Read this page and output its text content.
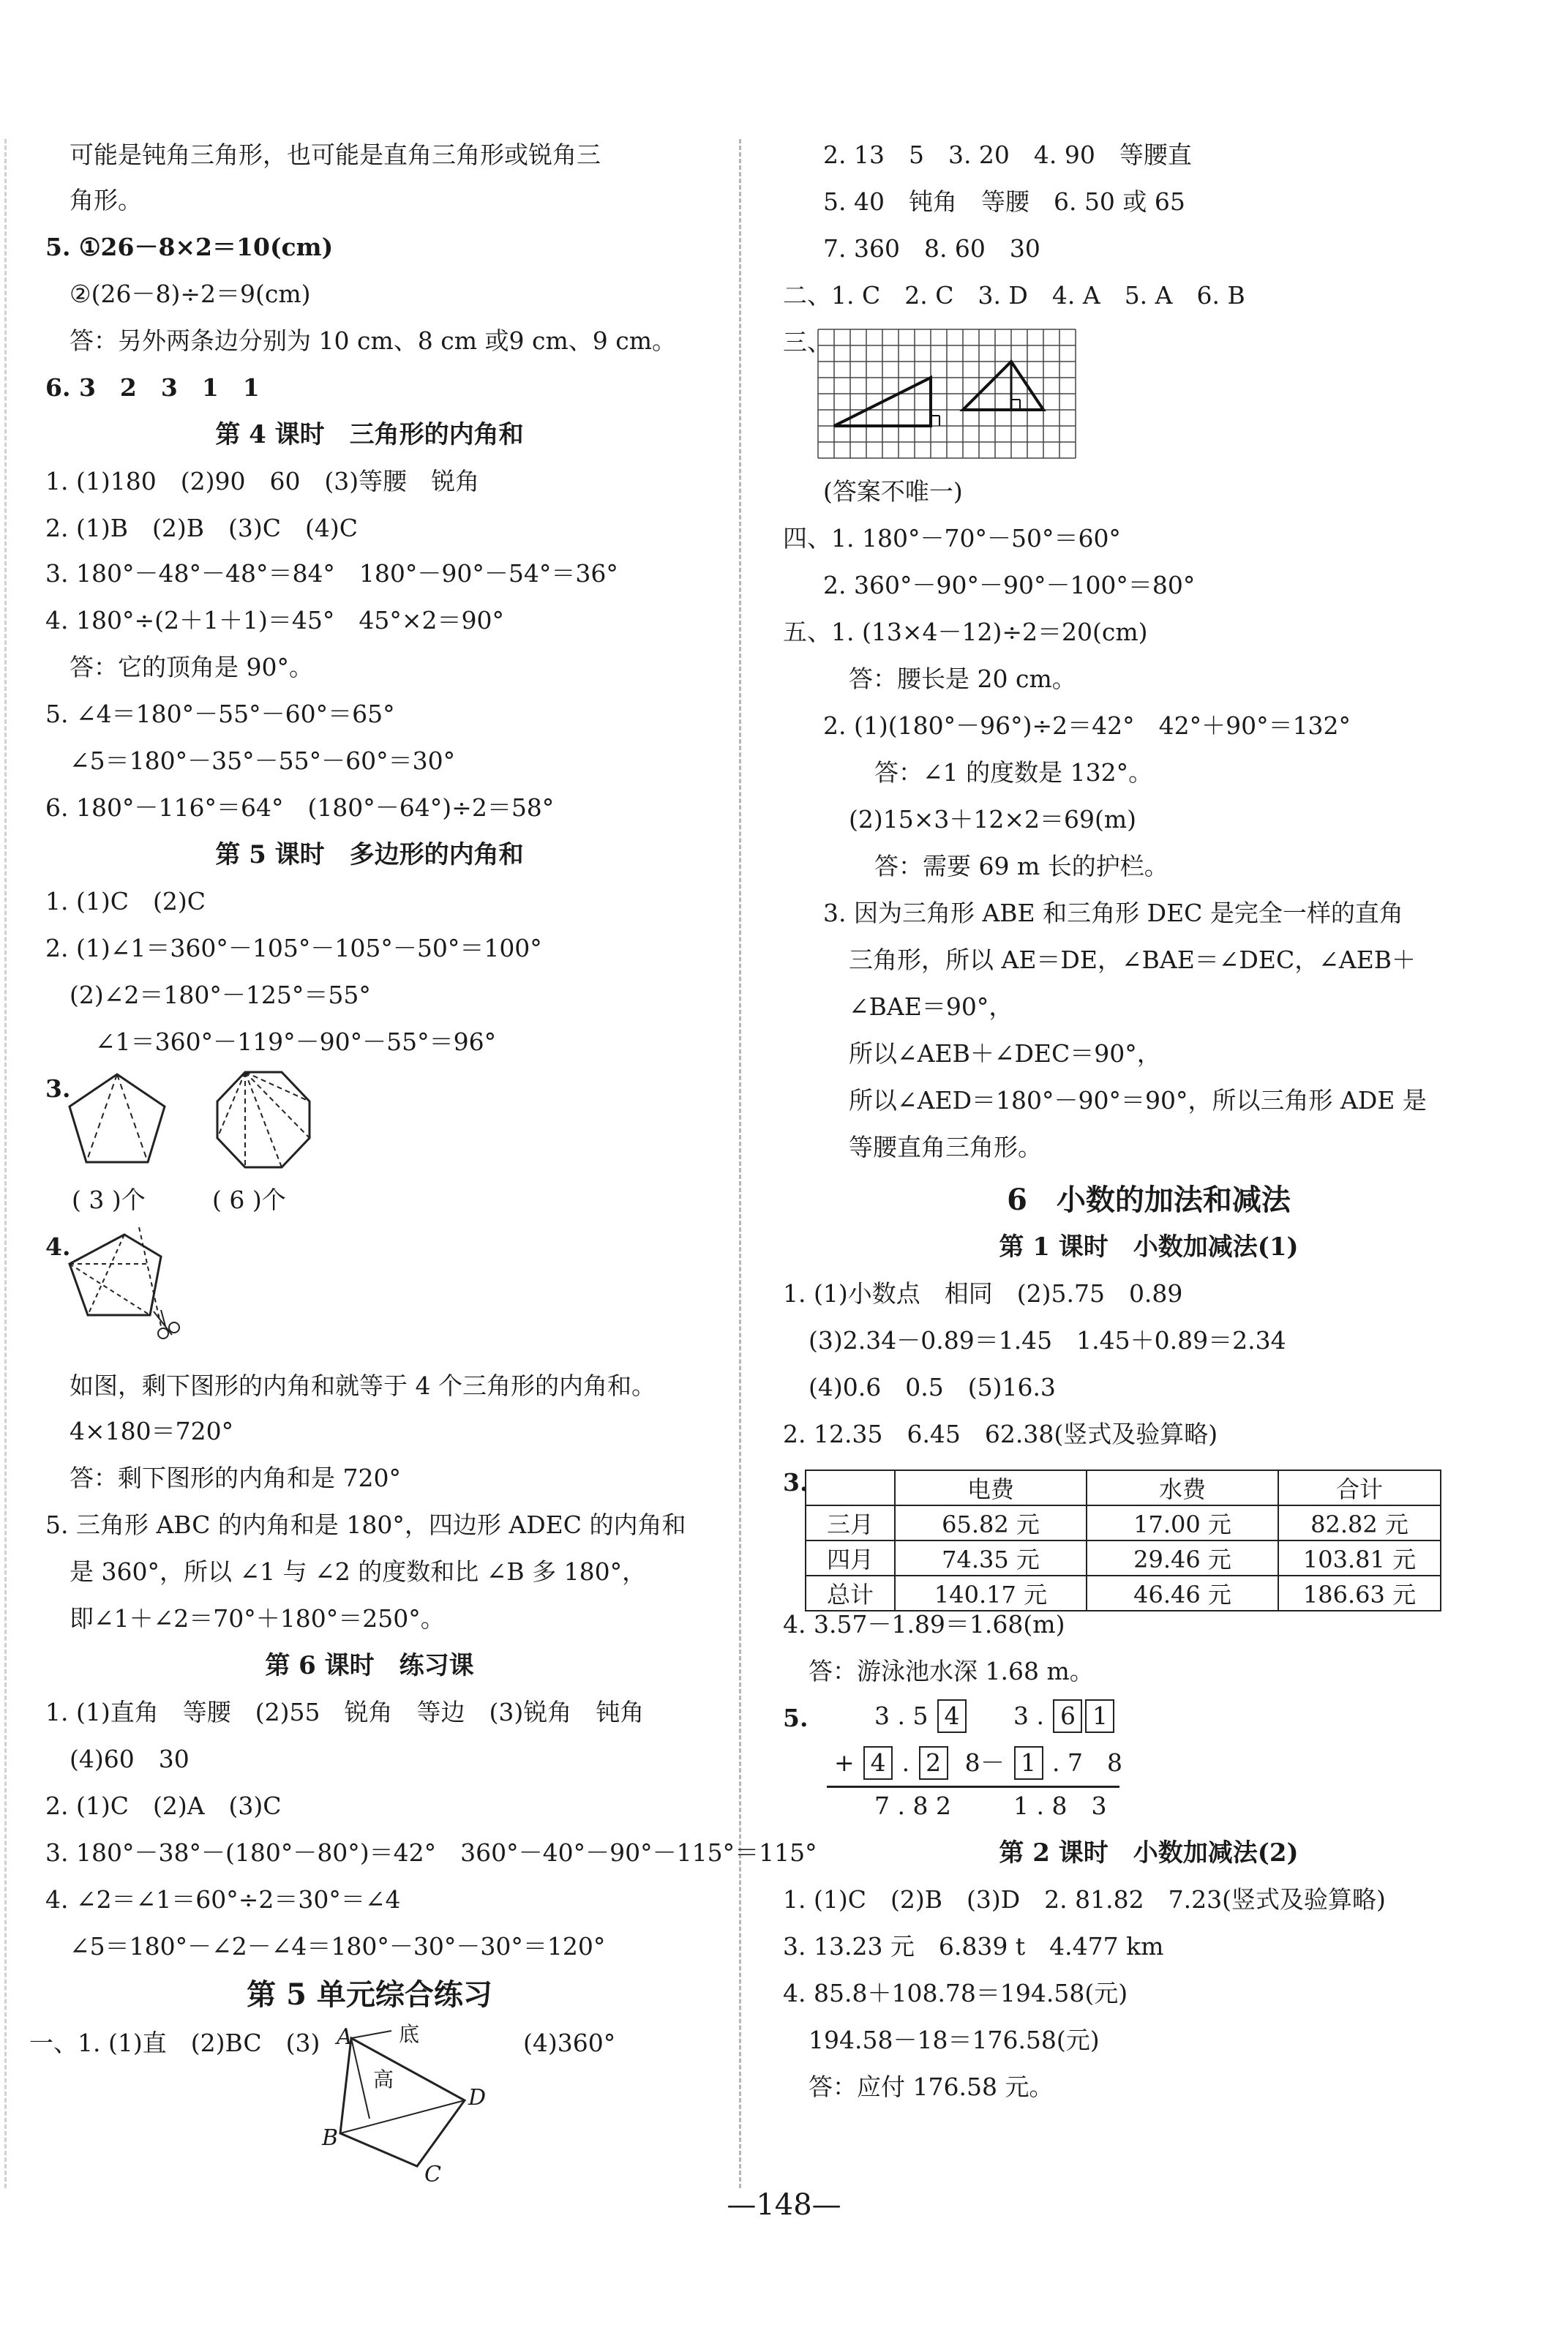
可能是钝角三角形，也可能是直角三角形或锐角三
角形。
5. ①26－8×2＝10(cm)
②(26－8)÷2＝9(cm)
答：另外两条边分别为 10 cm、8 cm 或9 cm、9 cm。
6. 3　2　3　1　1
第 4 课时　三角形的内角和
1. (1)180　(2)90　60　(3)等腰　锐角
2. (1)B　(2)B　(3)C　(4)C
3. 180°－48°－48°＝84°　180°－90°－54°＝36°
4. 180°÷(2＋1＋1)＝45°　45°×2＝90°
答：它的顶角是 90°。
5. ∠4＝180°－55°－60°＝65°
∠5＝180°－35°－55°－60°＝30°
6. 180°－116°＝64°　(180°－64°)÷2＝58°
第 5 课时　多边形的内角和
1. (1)C　(2)C
2. (1)∠1＝360°－105°－105°－50°＝100°
(2)∠2＝180°－125°＝55°
∠1＝360°－119°－90°－55°＝96°
3.
( 3 )个	( 6 )个
4.
如图，剩下图形的内角和就等于 4 个三角形的内角和。
4×180＝720°
答：剩下图形的内角和是 720°
5. 三角形 ABC 的内角和是 180°，四边形 ADEC 的内角和
是 360°，所以 ∠1 与 ∠2 的度数和比 ∠B 多 180°，
即∠1＋∠2＝70°＋180°＝250°。
第 6 课时　练习课
1. (1)直角　等腰　(2)55　锐角　等边　(3)锐角　钝角
(4)60　30
2. (1)C　(2)A　(3)C
3. 180°－38°－(180°－80°)＝42°　360°－40°－90°－115°＝115°
4. ∠2＝∠1＝60°÷2＝30°＝∠4
∠5＝180°－∠2－∠4＝180°－30°－30°＝120°
第 5 单元综合练习
一、1. (1)直　(2)BC　(3)	(4)360°
A 底
高
B
D
C
2. 13　5　3. 20　4. 90　等腰直
5. 40　钝角　等腰　6. 50 或 65
7. 360　8. 60　30
二、1. C　2. C　3. D　4. A　5. A　6. B
三、
(答案不唯一)
四、1. 180°－70°－50°＝60°
2. 360°－90°－90°－100°＝80°
五、1. (13×4－12)÷2＝20(cm)
答：腰长是 20 cm。
2. (1)(180°－96°)÷2＝42°　42°＋90°＝132°
答：∠1 的度数是 132°。
(2)15×3＋12×2＝69(m)
答：需要 69 m 长的护栏。
3. 因为三角形 ABE 和三角形 DEC 是完全一样的直角
三角形，所以 AE＝DE，∠BAE＝∠DEC，∠AEB＋
∠BAE＝90°，
所以∠AEB＋∠DEC＝90°，
所以∠AED＝180°－90°＝90°，所以三角形 ADE 是
等腰直角三角形。
6　小数的加法和减法
第 1 课时　小数加减法(1)
1. (1)小数点　相同　(2)5.75　0.89
(3)2.34－0.89＝1.45　1.45＋0.89＝2.34
(4)0.6　0.5　(5)16.3
2. 12.35　6.45　62.38(竖式及验算略)
3.
		电费	水费	合计
三月	65.82 元	17.00 元	82.82 元
四月	74.35 元	29.46 元	103.81 元
总计	140.17 元	46.46 元	186.63 元
4. 3.57－1.89＝1.68(m)
答：游泳池水深 1.68 m。
5.	3 . 5 4
+ 4 . 2 8
7 . 8 2
3 . 6 1
－ 1 . 7　8
1 . 8　3
第 2 课时　小数加减法(2)
1. (1)C　(2)B　(3)D　2. 81.82　7.23(竖式及验算略)
3. 13.23 元　6.839 t　4.477 km
4. 85.8＋108.78＝194.58(元)
194.58－18＝176.58(元)
答：应付 176.58 元。
—148—
